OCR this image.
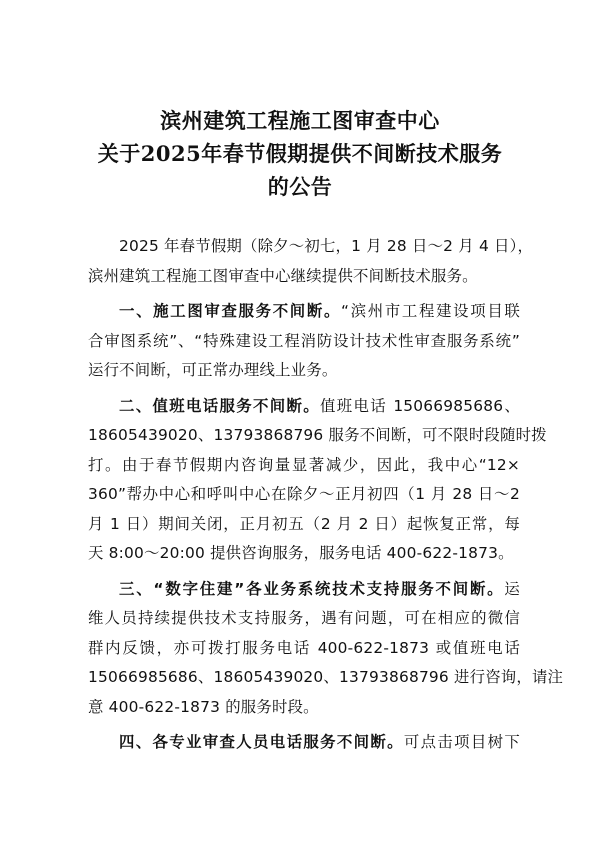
滨州建筑工程施工图审查中心
关于2025年春节假期提供不间断技术服务
的公告
2025 年春节假期（除夕～初七，1 月 28 日～2 月 4 日），
滨州建筑工程施工图审查中心继续提供不间断技术服务。
一、施工图审查服务不间断。“滨州市工程建设项目联
合审图系统”、“特殊建设工程消防设计技术性审查服务系统”
运行不间断，可正常办理线上业务。
二、值班电话服务不间断。值班电话 15066985686、
18605439020、13793868796 服务不间断，可不限时段随时拨
打。由于春节假期内咨询量显著减少，因此，我中心“12×
360”帮办中心和呼叫中心在除夕～正月初四（1 月 28 日～2
月 1 日）期间关闭，正月初五（2 月 2 日）起恢复正常，每
天 8:00～20:00 提供咨询服务，服务电话 400-622-1873。
三、“数字住建”各业务系统技术支持服务不间断。运
维人员持续提供技术支持服务，遇有问题，可在相应的微信
群内反馈，亦可拨打服务电话 400-622-1873 或值班电话
15066985686、18605439020、13793868796 进行咨询，请注
意 400-622-1873 的服务时段。
四、各专业审查人员电话服务不间断。可点击项目树下
